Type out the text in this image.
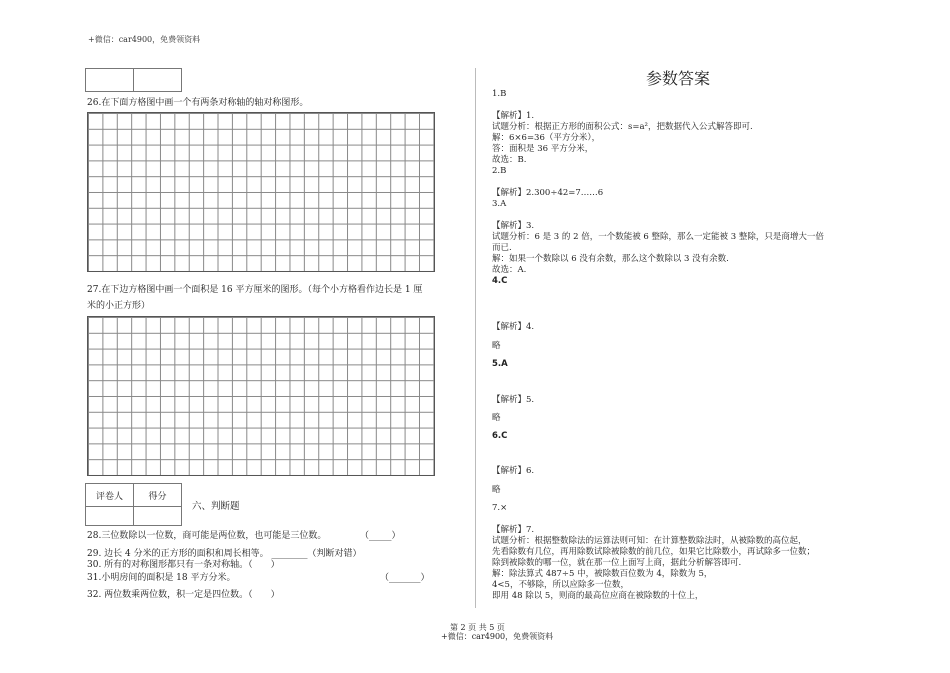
+微信：car4900，免费领资料
第 2 页 共 5 页
+微信：car4900，免费领资料

26.在下面方格图中画一个有两条对称轴的轴对称图形。
27.在下边方格图中画一个面积是 16 平方厘米的图形。（每个小方格看作边长是 1 厘
米的小正方形）
评卷人	得分

六、判断题
28.三位数除以一位数，商可能是两位数，也可能是三位数。	（_____）
29. 边长 4 分米的正方形的面积和周长相等。 ________（判断对错）
30. 所有的对称图形都只有一条对称轴。（　　）
31.小明房间的面积是 18 平方分米。	（_______）
32. 两位数乘两位数，积一定是四位数。（　　）
参数答案
1.B
【解析】1.
试题分析：根据正方形的面积公式：s=a²，把数据代入公式解答即可.
解：6×6=36（平方分米），
答：面积是 36 平方分米，
故选：B.
2.B
【解析】2.300÷42=7……6
3.A
【解析】3.
试题分析：6 是 3 的 2 倍，一个数能被 6 整除，那么一定能被 3 整除，只是商增大一倍
而已.
解：如果一个数除以 6 没有余数，那么这个数除以 3 没有余数.
故选：A.
4.C
【解析】4.
略
5.A
【解析】5.
略
6.C
【解析】6.
略
7.×
【解析】7.
试题分析：根据整数除法的运算法则可知：在计算整数除法时，从被除数的高位起，
先看除数有几位，再用除数试除被除数的前几位，如果它比除数小，再试除多一位数；
除到被除数的哪一位，就在那一位上面写上商，据此分析解答即可.
解：除法算式 487÷5 中，被除数百位数为 4，除数为 5，
4<5，不够除，所以应除多一位数，
即用 48 除以 5，则商的最高位应商在被除数的十位上，
